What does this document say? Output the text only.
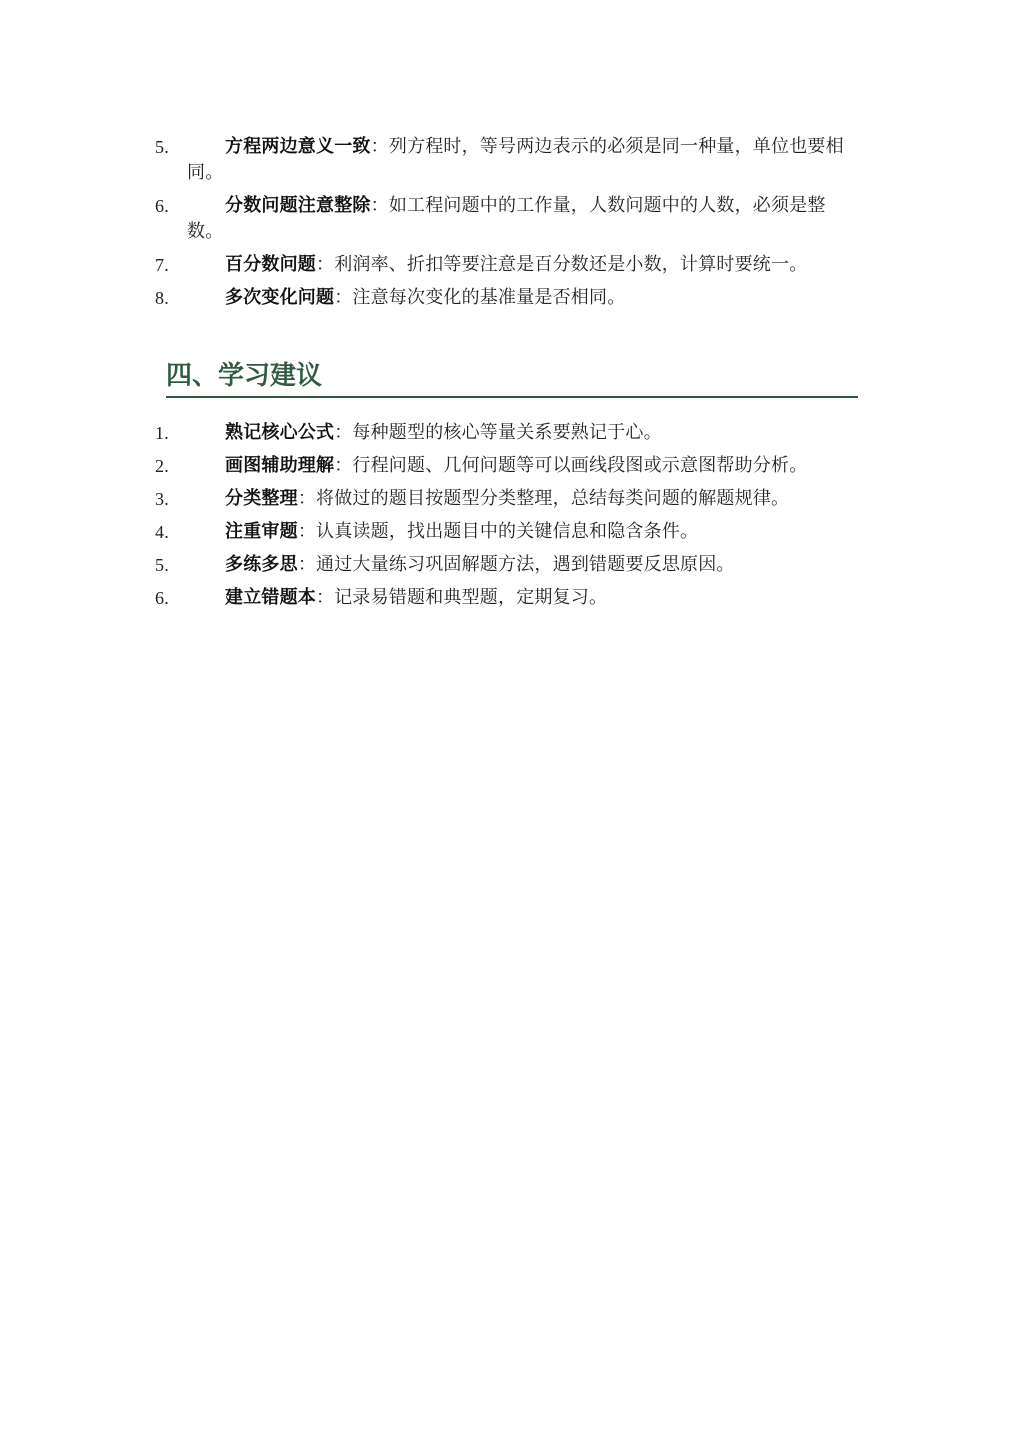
5.	方程两边意义一致：列方程时，等号两边表示的必须是同一种量，单位也要相同。

6.	分数问题注意整除：如工程问题中的工作量，人数问题中的人数，必须是整数。

7.	百分数问题：利润率、折扣等要注意是百分数还是小数，计算时要统一。

8.	多次变化问题：注意每次变化的基准量是否相同。

四、学习建议

1.	熟记核心公式：每种题型的核心等量关系要熟记于心。

2.	画图辅助理解：行程问题、几何问题等可以画线段图或示意图帮助分析。

3.	分类整理：将做过的题目按题型分类整理，总结每类问题的解题规律。

4.	注重审题：认真读题，找出题目中的关键信息和隐含条件。

5.	多练多思：通过大量练习巩固解题方法，遇到错题要反思原因。

6.	建立错题本：记录易错题和典型题，定期复习。
